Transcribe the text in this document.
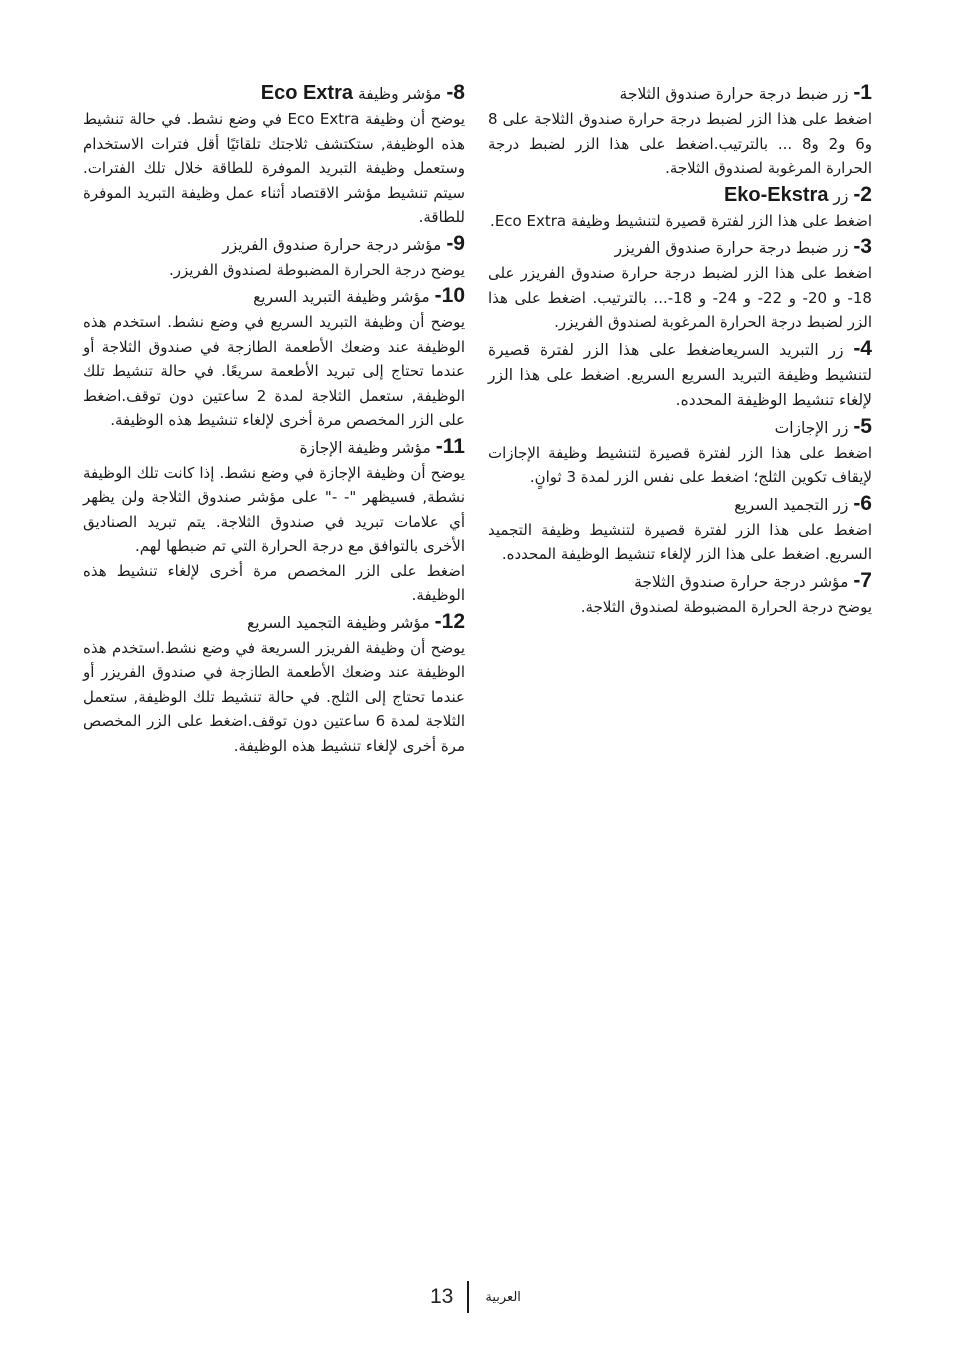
-1 زر ضبط درجة حرارة صندوق الثلاجة

اضغط على هذا الزر لضبط درجة حرارة صندوق الثلاجة على 8 و6 و2 و8 ... بالترتيب.اضغط على هذا الزر لضبط درجة الحرارة المرغوبة لصندوق الثلاجة.

-2 زر Eko-Ekstra

اضغط على هذا الزر لفترة قصيرة لتنشيط وظيفة Eco Extra.

-3 زر ضبط درجة حرارة صندوق الفريزر

اضغط على هذا الزر لضبط درجة حرارة صندوق الفريزر على 18- و 20- و 22- و 24- و 18-... بالترتيب. اضغط على هذا الزر لضبط درجة الحرارة المرغوبة لصندوق الفريزر.

-4 زر التبريد السريعاضغط على هذا الزر لفترة قصيرة لتنشيط وظيفة التبريد السريع السريع. اضغط على هذا الزر لإلغاء تنشيط الوظيفة المحدده.
-5 زر الإجازات

اضغط على هذا الزر لفترة قصيرة لتنشيط وظيفة الإجازات لإيقاف تكوين الثلج؛ اضغط على نفس الزر لمدة 3 ثوانٍ.

-6 زر التجميد السريع

اضغط على هذا الزر لفترة قصيرة لتنشيط وظيفة التجميد السريع. اضغط على هذا الزر لإلغاء تنشيط الوظيفة المحدده.

-7 مؤشر درجة حرارة صندوق الثلاجة

يوضح درجة الحرارة المضبوطة لصندوق الثلاجة.

-8 مؤشر وظيفة Eco Extra

يوضح أن وظيفة Eco Extra في وضع نشط. في حالة تنشيط هذه الوظيفة, ستكتشف ثلاجتك تلقائيًا أقل فترات الاستخدام وستعمل وظيفة التبريد الموفرة للطاقة خلال تلك الفترات. سيتم تنشيط مؤشر الاقتصاد أثناء عمل وظيفة التبريد الموفرة للطاقة.

-9 مؤشر درجة حرارة صندوق الفريزر

يوضح درجة الحرارة المضبوطة لصندوق الفريزر.

-10 مؤشر وظيفة التبريد السريع

يوضح أن وظيفة التبريد السريع في وضع نشط. استخدم هذه الوظيفة عند وضعك الأطعمة الطازجة في صندوق الثلاجة أو عندما تحتاج إلى تبريد الأطعمة سريعًا. في حالة تنشيط تلك الوظيفة, ستعمل الثلاجة لمدة 2 ساعتين دون توقف.اضغط على الزر المخصص مرة أخرى لإلغاء تنشيط هذه الوظيفة.

-11 مؤشر وظيفة الإجازة

يوضح أن وظيفة الإجازة في وضع نشط. إذا كانت تلك الوظيفة نشطة, فسيظهر "- -" على مؤشر صندوق الثلاجة ولن يظهر أي علامات تبريد في صندوق الثلاجة. يتم تبريد الصناديق الأخرى بالتوافق مع درجة الحرارة التي تم ضبطها لهم.

اضغط على الزر المخصص مرة أخرى لإلغاء تنشيط هذه الوظيفة.

-12 مؤشر وظيفة التجميد السريع

يوضح أن وظيفة الفريزر السريعة في وضع نشط.استخدم هذه الوظيفة عند وضعك الأطعمة الطازجة في صندوق الفريزر أو عندما تحتاج إلى الثلج. في حالة تنشيط تلك الوظيفة, ستعمل الثلاجة لمدة 6 ساعتين دون توقف.اضغط على الزر المخصص مرة أخرى لإلغاء تنشيط هذه الوظيفة.

13	العربية
